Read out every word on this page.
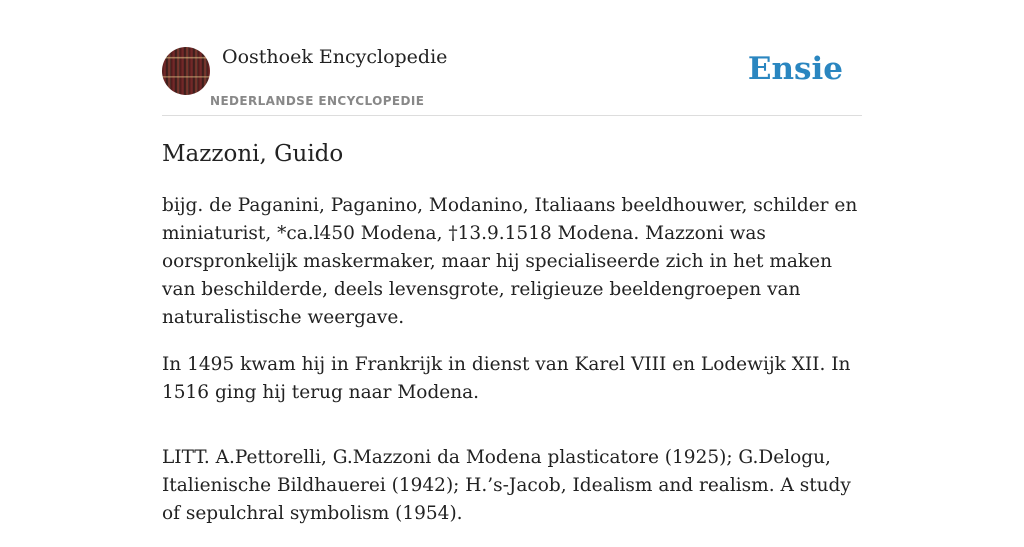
Oosthoek Encyclopedie
NEDERLANDSE ENCYCLOPEDIE
Ensie
Mazzoni, Guido

bijg. de Paganini, Paganino, Modanino, Italiaans beeldhouwer, schilder en miniaturist, *ca.l450 Modena, †13.9.1518 Modena. Mazzoni was oorspronkelijk maskermaker, maar hij specialiseerde zich in het maken van beschilderde, deels levensgrote, religieuze beeldengroepen van naturalistische weergave.

In 1495 kwam hij in Frankrijk in dienst van Karel VIII en Lodewijk XII. In 1516 ging hij terug naar Modena.

LITT. A.Pettorelli, G.Mazzoni da Modena plasticatore (1925); G.Delogu, Italienische Bildhauerei (1942); H.’s-Jacob, Idealism and realism. A study of sepulchral symbolism (1954).
